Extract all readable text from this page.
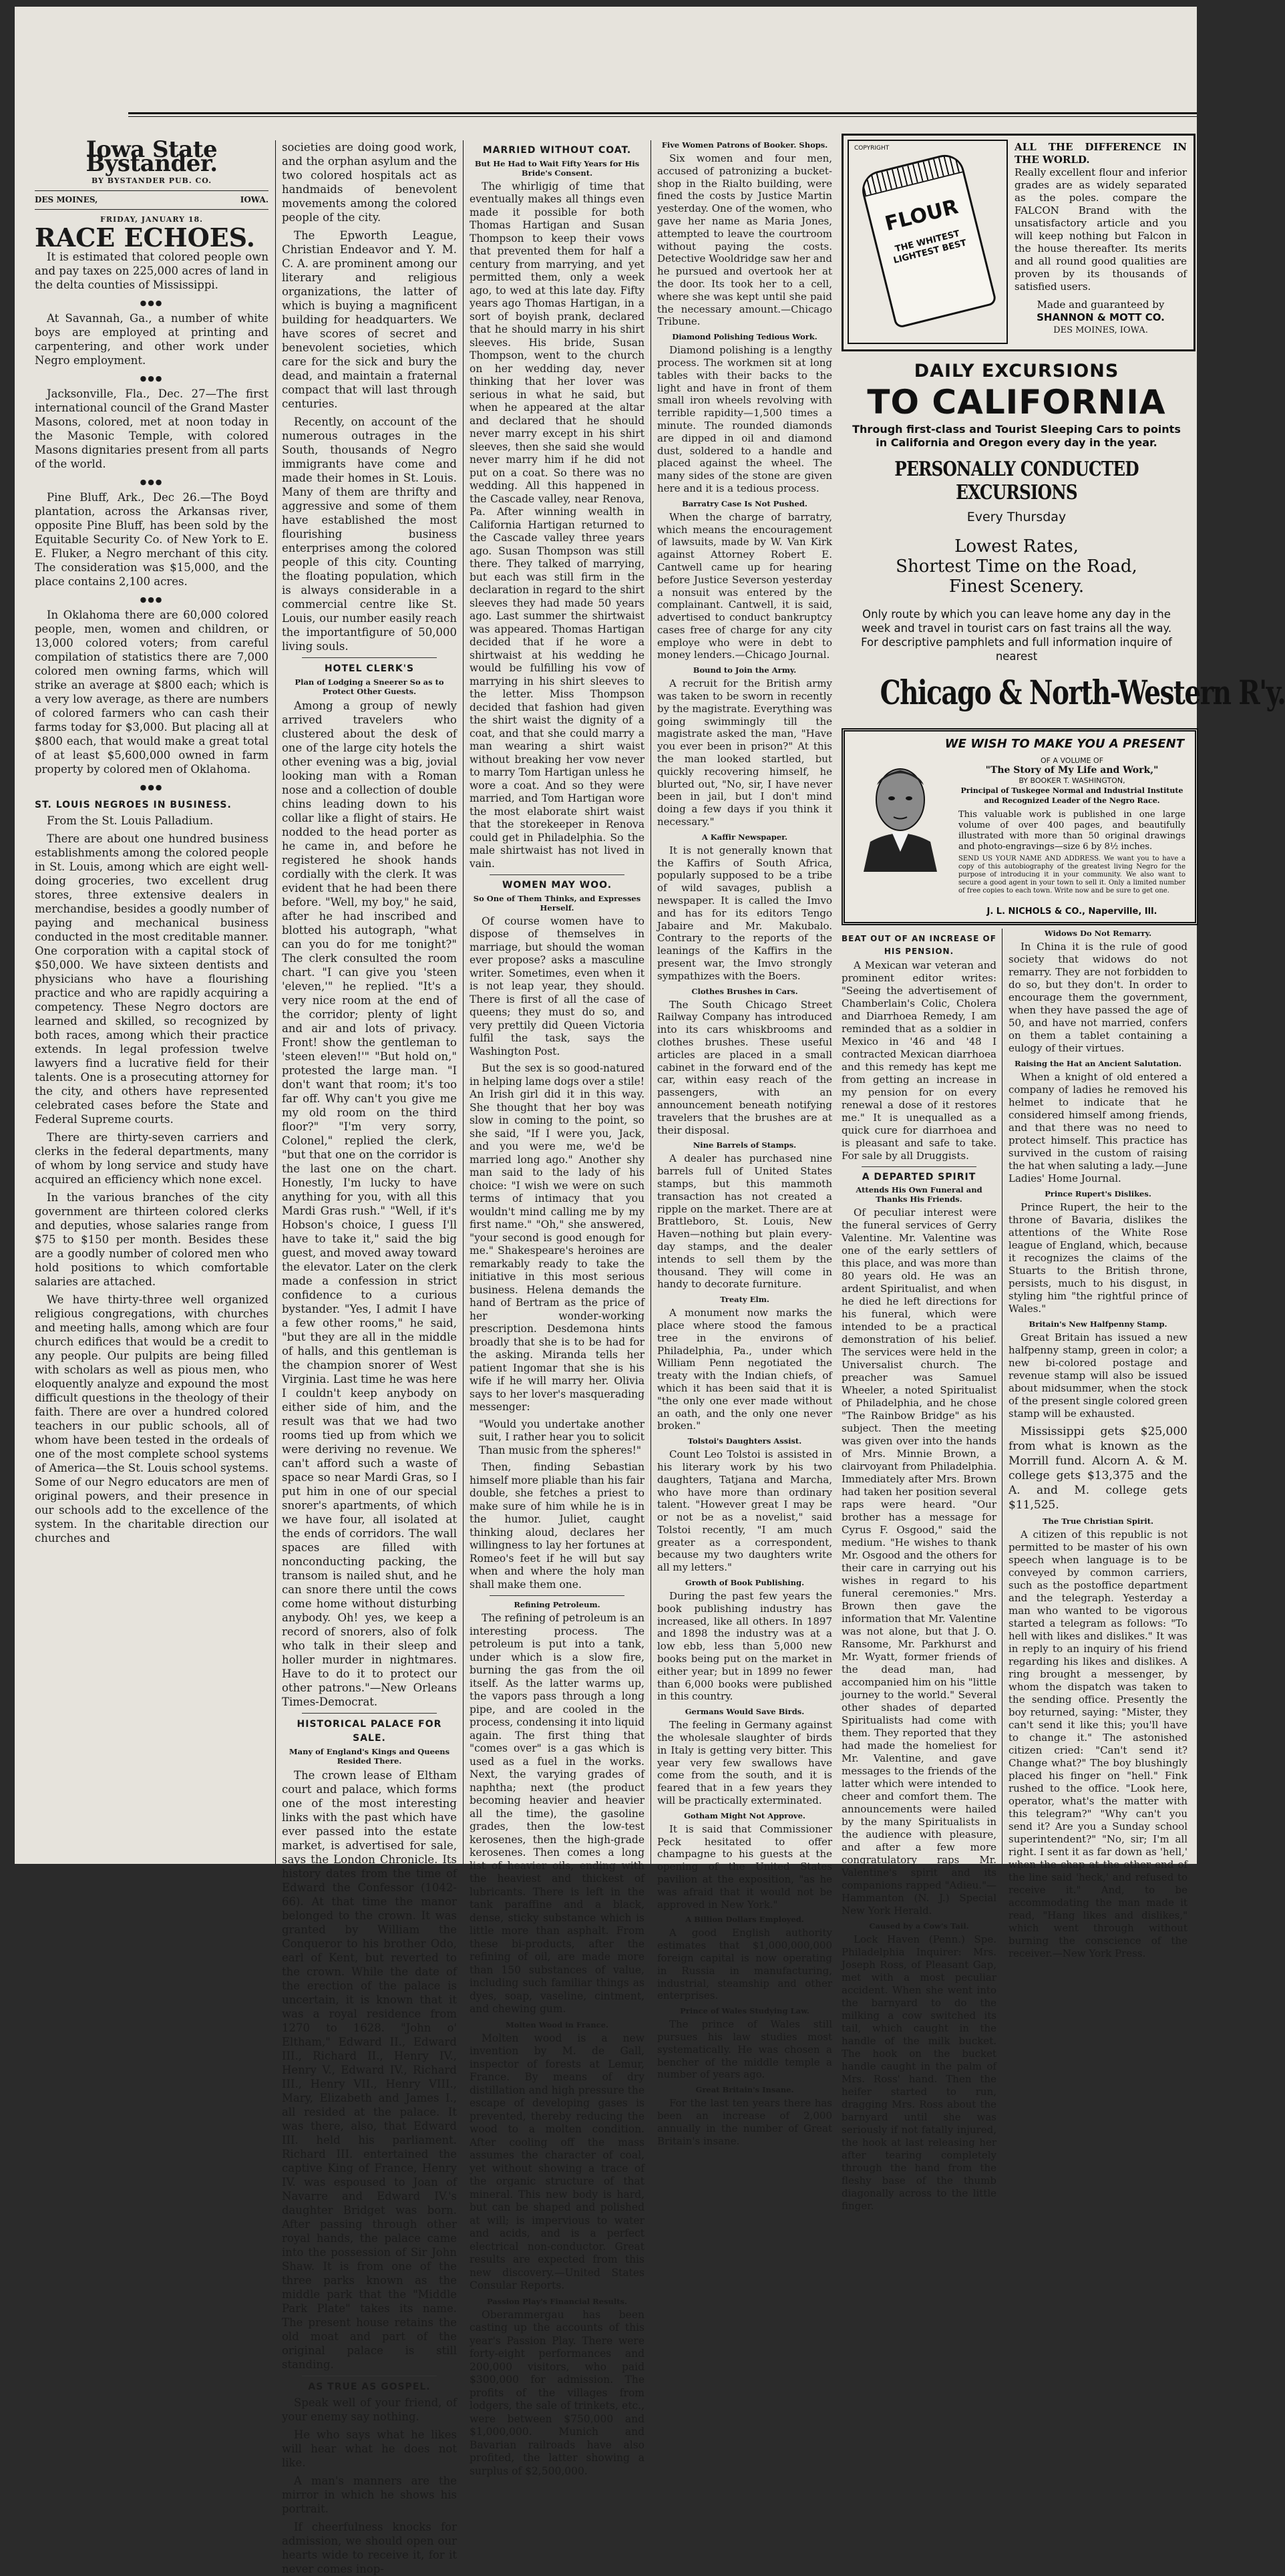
Iowa State Bystander.
BY BYSTANDER PUB. CO.
DES MOINES,	IOWA.
FRIDAY, JANUARY 18.
RACE ECHOES.

It is estimated that colored people own and pay taxes on 225,000 acres of land in the delta counties of Mississippi.

●●●

At Savannah, Ga., a number of white boys are employed at printing and carpentering, and other work under Negro employment.

●●●

Jacksonville, Fla., Dec. 27—The first international council of the Grand Master Masons, colored, met at noon today in the Masonic Temple, with colored Masons dignitaries present from all parts of the world.

●●●

Pine Bluff, Ark., Dec 26.—The Boyd plantation, across the Arkansas river, opposite Pine Bluff, has been sold by the Equitable Security Co. of New York to E. E. Fluker, a Negro merchant of this city. The consideration was $15,000, and the place contains 2,100 acres.

●●●

In Oklahoma there are 60,000 colored people, men, women and children, or 13,000 colored voters; from careful compilation of statistics there are 7,000 colored men owning farms, which will strike an average at $800 each; which is a very low average, as there are numbers of colored farmers who can cash their farms today for $3,000. But placing all at $800 each, that would make a great total of at least $5,600,000 owned in farm property by colored men of Oklahoma.

●●●
ST. LOUIS NEGROES IN BUSINESS.

From the St. Louis Palladium.

There are about one hundred business establishments among the colored people in St. Louis, among which are eight well-doing groceries, two excellent drug stores, three extensive dealers in merchandise, besides a goodly number of paying and mechanical business conducted in the most creditable manner. One corporation with a capital stock of $50,000. We have sixteen dentists and physicians who have a flourishing practice and who are rapidly acquiring a competency. These Negro doctors are learned and skilled, so recognized by both races, among which their practice extends. In legal profession twelve lawyers find a lucrative field for their talents. One is a prosecuting attorney for the city, and others have represented celebrated cases before the State and Federal Supreme courts.

There are thirty-seven carriers and clerks in the federal departments, many of whom by long service and study have acquired an efficiency which none excel.

In the various branches of the city government are thirteen colored clerks and deputies, whose salaries range from $75 to $150 per month. Besides these are a goodly number of colored men who hold positions to which comfortable salaries are attached.

We have thirty-three well organized religious congregations, with churches and meeting halls, among which are four church edifices that would be a credit to any people. Our pulpits are being filled with scholars as well as pious men, who eloquently analyze and expound the most difficult questions in the theology of their faith. There are over a hundred colored teachers in our public schools, all of whom have been tested in the ordeals of one of the most complete school systems of America—the St. Louis school systems. Some of our Negro educators are men of original powers, and their presence in our schools add to the excellence of the system. In the charitable direction our churches and

societies are doing good work, and the orphan asylum and the two colored hospitals act as handmaids of benevolent movements among the colored people of the city.

The Epworth League, Christian Endeavor and Y. M. C. A. are prominent among our literary and religious organizations, the latter of which is buying a magnificent building for headquarters. We have scores of secret and benevolent societies, which care for the sick and bury the dead, and maintain a fraternal compact that will last through centuries.

Recently, on account of the numerous outrages in the South, thousands of Negro immigrants have come and made their homes in St. Louis. Many of them are thrifty and aggressive and some of them have established the most flourishing business enterprises among the colored people of this city. Counting the floating population, which is always considerable in a commercial centre like St. Louis, our number easily reach the importantfigure of 50,000 living souls.

HOTEL CLERK'S
Plan of Lodging a Sneerer So as to Protect Other Guests.

Among a group of newly arrived travelers who clustered about the desk of one of the large city hotels the other evening was a big, jovial looking man with a Roman nose and a collection of double chins leading down to his collar like a flight of stairs. He nodded to the head porter as he came in, and before he registered he shook hands cordially with the clerk. It was evident that he had been there before. "Well, my boy," he said, after he had inscribed and blotted his autograph, "what can you do for me tonight?" The clerk consulted the room chart. "I can give you 'steen 'eleven,'" he replied. "It's a very nice room at the end of the corridor; plenty of light and air and lots of privacy. Front! show the gentleman to 'steen eleven!'" "But hold on," protested the large man. "I don't want that room; it's too far off. Why can't you give me my old room on the third floor?" "I'm very sorry, Colonel," replied the clerk, "but that one on the corridor is the last one on the chart. Honestly, I'm lucky to have anything for you, with all this Mardi Gras rush." "Well, if it's Hobson's choice, I guess I'll have to take it," said the big guest, and moved away toward the elevator. Later on the clerk made a confession in strict confidence to a curious bystander. "Yes, I admit I have a few other rooms," he said, "but they are all in the middle of halls, and this gentleman is the champion snorer of West Virginia. Last time he was here I couldn't keep anybody on either side of him, and the result was that we had two rooms tied up from which we were deriving no revenue. We can't afford such a waste of space so near Mardi Gras, so I put him in one of our special snorer's apartments, of which we have four, all isolated at the ends of corridors. The wall spaces are filled with nonconducting packing, the transom is nailed shut, and he can snore there until the cows come home without disturbing anybody. Oh! yes, we keep a record of snorers, also of folk who talk in their sleep and holler murder in nightmares. Have to do it to protect our other patrons."—New Orleans Times-Democrat.

HISTORICAL PALACE FOR SALE.
Many of England's Kings and Queens Resided There.

The crown lease of Eltham court and palace, which forms one of the most interesting links with the past which have ever passed into the estate market, is advertised for sale, says the London Chronicle. Its history dates from the time of Edward the Confessor (1042-66). At that time the manor belonged to the crown. It was granted by William the Conqueror to his brother Odo, earl of Kent, but reverted to the crown. While the date of the erection of the palace is uncertain, it is known that it was a royal residence from 1270 to 1628. "John o' Eltham," Edward II., Edward III., Richard II., Henry IV., Henry V., Edward IV., Richard III., Henry VII., Henry VIII., Mary, Elizabeth and James I., all resided at the palace. It was there, also, that Edward III. held his parliament. Richard III. entertained the captive King of France, Henry IV. was espoused to Joan of Navarre and Edward IV.'s daughter Bridget was born. After passing through other royal hands, the palace came into the possession of Sir John Shaw. It is from one of the three parks known as the middle park that the "Middle Park Plate" takes its name. The present house retains the old moat and part of the original palace is still standing.

AS TRUE AS GOSPEL.

Speak well of your friend, of your enemy say nothing.

He who says what he likes will hear what he does not like.

A man's manners are the mirror in which he shows his portrait.

If cheerfulness knocks for admission, we should open our hearts wide to receive it, for it never comes inop-

MARRIED WITHOUT COAT.
But He Had to Wait Fifty Years for His Bride's Consent.

The whirligig of time that eventually makes all things even made it possible for both Thomas Hartigan and Susan Thompson to keep their vows that prevented them for half a century from marrying, and yet permitted them, only a week ago, to wed at this late day. Fifty years ago Thomas Hartigan, in a sort of boyish prank, declared that he should marry in his shirt sleeves. His bride, Susan Thompson, went to the church on her wedding day, never thinking that her lover was serious in what he said, but when he appeared at the altar and declared that he should never marry except in his shirt sleeves, then she said she would never marry him if he did not put on a coat. So there was no wedding. All this happened in the Cascade valley, near Renova, Pa. After winning wealth in California Hartigan returned to the Cascade valley three years ago. Susan Thompson was still there. They talked of marrying, but each was still firm in the declaration in regard to the shirt sleeves they had made 50 years ago. Last summer the shirtwaist was appeared. Thomas Hartigan decided that if he wore a shirtwaist at his wedding he would be fulfilling his vow of marrying in his shirt sleeves to the letter. Miss Thompson decided that fashion had given the shirt waist the dignity of a coat, and that she could marry a man wearing a shirt waist without breaking her vow never to marry Tom Hartigan unless he wore a coat. And so they were married, and Tom Hartigan wore the most elaborate shirt waist that the storekeeper in Renova could get in Philadelphia. So the male shirtwaist has not lived in vain.

WOMEN MAY WOO.
So One of Them Thinks, and Expresses Herself.

Of course women have to dispose of themselves in marriage, but should the woman ever propose? asks a masculine writer. Sometimes, even when it is not leap year, they should. There is first of all the case of queens; they must do so, and very prettily did Queen Victoria fulfil the task, says the Washington Post.

But the sex is so good-natured in helping lame dogs over a stile! An Irish girl did it in this way. She thought that her boy was slow in coming to the point, so she said, "If I were you, Jack, and you were me, we'd be married long ago." Another shy man said to the lady of his choice: "I wish we were on such terms of intimacy that you wouldn't mind calling me by my first name." "Oh," she answered, "your second is good enough for me." Shakespeare's heroines are remarkably ready to take the initiative in this most serious business. Helena demands the hand of Bertram as the price of her wonder-working prescription. Desdemona hints broadly that she is to be had for the asking. Miranda tells her patient Ingomar that she is his wife if he will marry her. Olivia says to her lover's masquerading messenger:

"Would you undertake another suit, I rather hear you to solicit Than music from the spheres!"

Then, finding Sebastian himself more pliable than his fair double, she fetches a priest to make sure of him while he is in the humor. Juliet, caught thinking aloud, declares her willingness to lay her fortunes at Romeo's feet if he will but say when and where the holy man shall make them one.

Refining Petroleum.

The refining of petroleum is an interesting process. The petroleum is put into a tank, under which is a slow fire, burning the gas from the oil itself. As the latter warms up, the vapors pass through a long pipe, and are cooled in the process, condensing it into liquid again. The first thing that "comes over" is a gas which is used as a fuel in the works. Next, the varying grades of naphtha; next (the product becoming heavier and heavier all the time), the gasoline grades, then the low-test kerosenes, then the high-grade kerosenes. Then comes a long list of heavier oils, ending with the heaviest and thickest of lubricants. There is left in the tank paraffine and a black, dense, sticky substance which is little more than asphalt. From these bi-products, after the refining of oil, are made more than 150 substances of value, including such familiar things as dyes, soap, vaseline, cintment, and chewing gum.

Molten Wood in France.

Molten wood is a new invention by M. de Gall, inspector of forests at Lemur, France. By means of dry distillation and high pressure the escape of developing gases is prevented, thereby reducing the wood to a molten condition. After cooling off the mass assumes the character of coal, yet without showing a trace of the organic structure of that mineral. This new body is hard, but can be shaped and polished at will; is impervious to water and acids, and is a perfect electrical non-conductor. Great results are expected from this new discovery.—United States Consular Reports.

Passion Play's Financial Results.

Oberammergau has been casting up the accounts of this year's Passion Play. There were forty-eight performances and 200,000 visitors, who paid $300,000 for admission. The profits of the villages from lodgers, the sale of trinkets, etc., were between $750,000 and $1,000,000. Munich and Bavarian railroads have also profited, the latter showing a surplus of $2,500,000.

Five Women Patrons of Booker. Shops.

Six women and four men, accused of patronizing a bucket-shop in the Rialto building, were fined the costs by Justice Martin yesterday. One of the women, who gave her name as Maria Jones, attempted to leave the courtroom without paying the costs. Detective Wooldridge saw her and he pursued and overtook her at the door. Its took her to a cell, where she was kept until she paid the necessary amount.—Chicago Tribune.

Diamond Polishing Tedious Work.

Diamond polishing is a lengthy process. The workmen sit at long tables with their backs to the light and have in front of them small iron wheels revolving with terrible rapidity—1,500 times a minute. The rounded diamonds are dipped in oil and diamond dust, soldered to a handle and placed against the wheel. The many sides of the stone are given here and it is a tedious process.

Barratry Case Is Not Pushed.

When the charge of barratry, which means the encouragement of lawsuits, made by W. Van Kirk against Attorney Robert E. Cantwell came up for hearing before Justice Severson yesterday a nonsuit was entered by the complainant. Cantwell, it is said, advertised to conduct bankruptcy cases free of charge for any city employe who were in debt to money lenders.—Chicago Journal.

Bound to Join the Army.

A recruit for the British army was taken to be sworn in recently by the magistrate. Everything was going swimmingly till the magistrate asked the man, "Have you ever been in prison?" At this the man looked startled, but quickly recovering himself, he blurted out, "No, sir, I have never been in jail, but I don't mind doing a few days if you think it necessary."

A Kaffir Newspaper.

It is not generally known that the Kaffirs of South Africa, popularly supposed to be a tribe of wild savages, publish a newspaper. It is called the Imvo and has for its editors Tengo Jabaire and Mr. Makubalo. Contrary to the reports of the leanings of the Kaffirs in the present war, the Imvo strongly sympathizes with the Boers.

Clothes Brushes in Cars.

The South Chicago Street Railway Company has introduced into its cars whiskbrooms and clothes brushes. These useful articles are placed in a small cabinet in the forward end of the car, within easy reach of the passengers, with an announcement beneath notifying travelers that the brushes are at their disposal.

Nine Barrels of Stamps.

A dealer has purchased nine barrels full of United States stamps, but this mammoth transaction has not created a ripple on the market. There are at Brattleboro, St. Louis, New Haven—nothing but plain every-day stamps, and the dealer intends to sell them by the thousand. They will come in handy to decorate furniture.

Treaty Elm.

A monument now marks the place where stood the famous tree in the environs of Philadelphia, Pa., under which William Penn negotiated the treaty with the Indian chiefs, of which it has been said that it is "the only one ever made without an oath, and the only one never broken."

Tolstoi's Daughters Assist.

Count Leo Tolstoi is assisted in his literary work by his two daughters, Tatjana and Marcha, who have more than ordinary talent. "However great I may be or not be as a novelist," said Tolstoi recently, "I am much greater as a correspondent, because my two daughters write all my letters."

Growth of Book Publishing.

During the past few years the book publishing industry has increased, like all others. In 1897 and 1898 the industry was at a low ebb, less than 5,000 new books being put on the market in either year; but in 1899 no fewer than 6,000 books were published in this country.

Germans Would Save Birds.

The feeling in Germany against the wholesale slaughter of birds in Italy is getting very bitter. This year very few swallows have come from the south, and it is feared that in a few years they will be practically exterminated.

Gotham Might Not Approve.

It is said that Commissioner Peck hesitated to offer champagne to his guests at the opening of the United States pavilion at the exposition, "as he was afraid that it would not be approved in New York."

A Billion Dollars Employed.

A good English authority estimates that $1,000,000,000 foreign capital is now operating in Russia in manufacturing, industrial, steamship and other enterprises.

Prince of Wales Studying Law.

The prince of Wales still pursues his law studies most systematically. He was chosen a bencher of the middle temple a number of years ago.

Great Britain's Insane.

For the last ten years there has been an increase of 2,000 annually in the number of Great Britain's insane.

COPYRIGHT
FLOUR
THE WHITEST LIGHTEST BEST
ALL THE DIFFERENCE IN THE WORLD.
Really excellent flour and inferior grades are as widely separated as the poles. compare the FALCON Brand with the unsatisfactory article and you will keep nothing but Falcon in the house thereafter. Its merits and all round good qualities are proven by its thousands of satisfied users.
Made and guaranteed by
SHANNON & MOTT CO.
DES MOINES, IOWA.
DAILY EXCURSIONS
TO CALIFORNIA
Through first-class and Tourist Sleeping Cars to points in California and Oregon every day in the year.
PERSONALLY CONDUCTED EXCURSIONS
Every Thursday
Lowest Rates,
Shortest Time on the Road,
Finest Scenery.
Only route by which you can leave home any day in the week and travel in tourist cars on fast trains all the way. For descriptive pamphlets and full information inquire of nearest
Chicago & North-Western R'y.
WE WISH TO MAKE YOU A PRESENT
OF A VOLUME OF
"The Story of My Life and Work,"
BY BOOKER T. WASHINGTON,
Principal of Tuskegee Normal and Industrial Institute and Recognized Leader of the Negro Race.
This valuable work is published in one large volume of over 400 pages, and beautifully illustrated with more than 50 original drawings and photo-engravings—size 6 by 8½ inches.
SEND US YOUR NAME AND ADDRESS. We want you to have a copy of this autobiography of the greatest living Negro for the purpose of introducing it in your community. We also want to secure a good agent in your town to sell it. Only a limited number of free copies to each town. Write now and be sure to get one.
J. L. NICHOLS & CO., Naperville, Ill.
BEAT OUT OF AN INCREASE OF HIS PENSION.

A Mexican war veteran and prominent editor writes: "Seeing the advertisement of Chamberlain's Colic, Cholera and Diarrhoea Remedy, I am reminded that as a soldier in Mexico in '46 and '48 I contracted Mexican diarrhoea and this remedy has kept me from getting an increase in my pension for on every renewal a dose of it restores me." It is unequalled as a quick cure for diarrhoea and is pleasant and safe to take. For sale by all Druggists.

A DEPARTED SPIRIT
Attends His Own Funeral and Thanks His Friends.

Of peculiar interest were the funeral services of Gerry Valentine. Mr. Valentine was one of the early settlers of this place, and was more than 80 years old. He was an ardent Spiritualist, and when he died he left directions for his funeral, which were intended to be a practical demonstration of his belief. The services were held in the Universalist church. The preacher was Samuel Wheeler, a noted Spiritualist of Philadelphia, and he chose "The Rainbow Bridge" as his subject. Then the meeting was given over into the hands of Mrs. Minnie Brown, a clairvoyant from Philadelphia. Immediately after Mrs. Brown had taken her position several raps were heard. "Our brother has a message for Cyrus F. Osgood," said the medium. "He wishes to thank Mr. Osgood and the others for their care in carrying out his wishes in regard to his funeral ceremonies." Mrs. Brown then gave the information that Mr. Valentine was not alone, but that J. O. Ransome, Mr. Parkhurst and Mr. Wyatt, former friends of the dead man, had accompanied him on his "little journey to the world." Several other shades of departed Spiritualists had come with them. They reported that they had made the homeliest for Mr. Valentine, and gave messages to the friends of the latter which were intended to cheer and comfort them. The announcements were hailed by the many Spiritualists in the audience with pleasure, and after a few more congratulatory raps Mr. Valentine's spirit and its companions rapped "Adieu."—Hammanton (N. J.) Special New York Herald.

Caused by a Cow's Tail.

Lock Haven (Penn.) Spe. Philadelphia Inquirer: Mrs. Joseph Ross, of Pleasant Gap, met with a most peculiar accident. When she went into the barnyard to do the milking a cow switched its tail, which caught in the handle of the milk bucket. The hook on the bucket handle caught in the palm of Mrs. Ross' hand. Then the heifer started to run, dragging Mrs. Ross about the barnyard until she was seriously if not fatally injured, the hook at last releasing her after tearing completely through the hand from the fleshy base of the thumb diagonally across to the little finger.

Widows Do Not Remarry.

In China it is the rule of good society that widows do not remarry. They are not forbidden to do so, but they don't. In order to encourage them the government, when they have passed the age of 50, and have not married, confers on them a tablet containing a eulogy of their virtues.

Raising the Hat an Ancient Salutation.

When a knight of old entered a company of ladies he removed his helmet to indicate that he considered himself among friends, and that there was no need to protect himself. This practice has survived in the custom of raising the hat when saluting a lady.—June Ladies' Home Journal.

Prince Rupert's Dislikes.

Prince Rupert, the heir to the throne of Bavaria, dislikes the attentions of the White Rose league of England, which, because it recognizes the claims of the Stuarts to the British throne, persists, much to his disgust, in styling him "the rightful prince of Wales."

Britain's New Halfpenny Stamp.

Great Britain has issued a new halfpenny stamp, green in color; a new bi-colored postage and revenue stamp will also be issued about midsummer, when the stock of the present single colored green stamp will be exhausted.

Mississippi gets $25,000 from what is known as the Morrill fund. Alcorn A. & M. college gets $13,375 and the A. and M. college gets $11,525.

The True Christian Spirit.

A citizen of this republic is not permitted to be master of his own speech when language is to be conveyed by common carriers, such as the postoffice department and the telegraph. Yesterday a man who wanted to be vigorous started a telegram as follows: "To hell with likes and dislikes." It was in reply to an inquiry of his friend regarding his likes and dislikes. A ring brought a messenger, by whom the dispatch was taken to the sending office. Presently the boy returned, saying: "Mister, they can't send it like this; you'll have to change it." The astonished citizen cried: "Can't send it? Change what?" The boy blushingly placed his finger on "hell." Fink rushed to the office. "Look here, operator, what's the matter with this telegram?" "Why can't you send it? Are you a Sunday school superintendent?" "No, sir; I'm all right. I sent it as far down as 'hell,' when the chap at the other end of the line said 'heck,' and refused to receive it." And, to be accommodating the man made it read, "Hang likes and dislikes," which went through without burning the conscience of the receiver.—New York Press.
